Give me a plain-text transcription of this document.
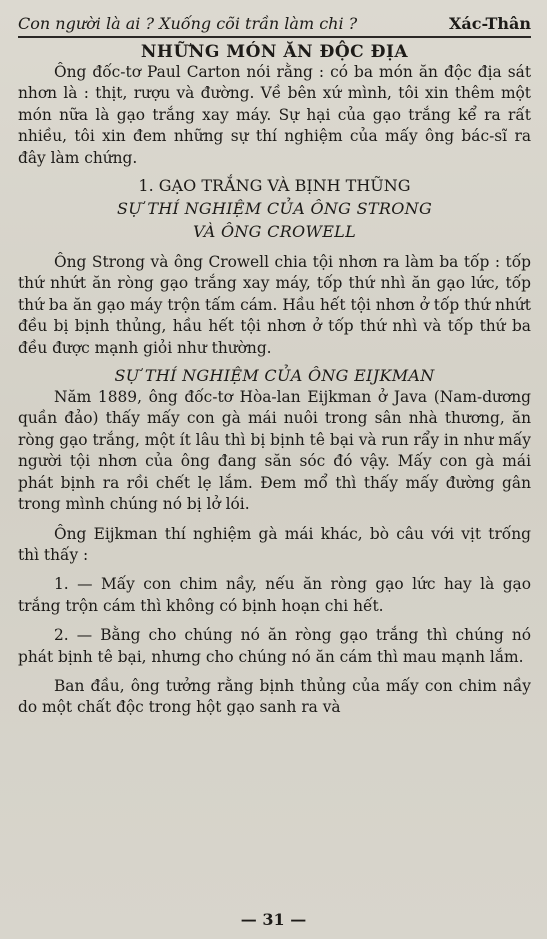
Con người là ai ? Xuống cõi trần làm chi ?	Xác-Thân
NHỮNG MÓN ĂN ĐỘC ĐỊA

Ông đốc-tơ Paul Carton nói rằng : có ba món ăn độc địa sát nhơn là : thịt, rượu và đường. Về bên xứ mình, tôi xin thêm một món nữa là gạo trắng xay máy. Sự hại của gạo trắng kể ra rất nhiều, tôi xin đem những sự thí nghiệm của mấy ông bác-sĩ ra đây làm chứng.

1. GẠO TRẮNG VÀ BỊNH THŨNG
SỰ THÍ NGHIỆM CỦA ÔNG STRONG
VÀ ÔNG CROWELL

Ông Strong và ông Crowell chia tội nhơn ra làm ba tốp : tốp thứ nhứt ăn ròng gạo trắng xay máy, tốp thứ nhì ăn gạo lức, tốp thứ ba ăn gạo máy trộn tấm cám. Hầu hết tội nhơn ở tốp thứ nhứt đều bị bịnh thủng, hầu hết tội nhơn ở tốp thứ nhì và tốp thứ ba đều được mạnh giỏi như thường.

SỰ THÍ NGHIỆM CỦA ÔNG EIJKMAN

Năm 1889, ông đốc-tơ Hòa-lan Eijkman ở Java (Nam-dương quần đảo) thấy mấy con gà mái nuôi trong sân nhà thương, ăn ròng gạo trắng, một ít lâu thì bị bịnh tê bại và run rẩy in như mấy người tội nhơn của ông đang săn sóc đó vậy. Mấy con gà mái phát bịnh ra rồi chết lẹ lắm. Đem mổ thì thấy mấy đường gân trong mình chúng nó bị lở lói.

Ông Eijkman thí nghiệm gà mái khác, bò câu với vịt trống thì thấy :

1. — Mấy con chim nầy, nếu ăn ròng gạo lức hay là gạo trắng trộn cám thì không có bịnh hoạn chi hết.

2. — Bằng cho chúng nó ăn ròng gạo trắng thì chúng nó phát bịnh tê bại, nhưng cho chúng nó ăn cám thì mau mạnh lắm.

Ban đầu, ông tưởng rằng bịnh thủng của mấy con chim nầy do một chất độc trong hột gạo sanh ra và

— 31 —
